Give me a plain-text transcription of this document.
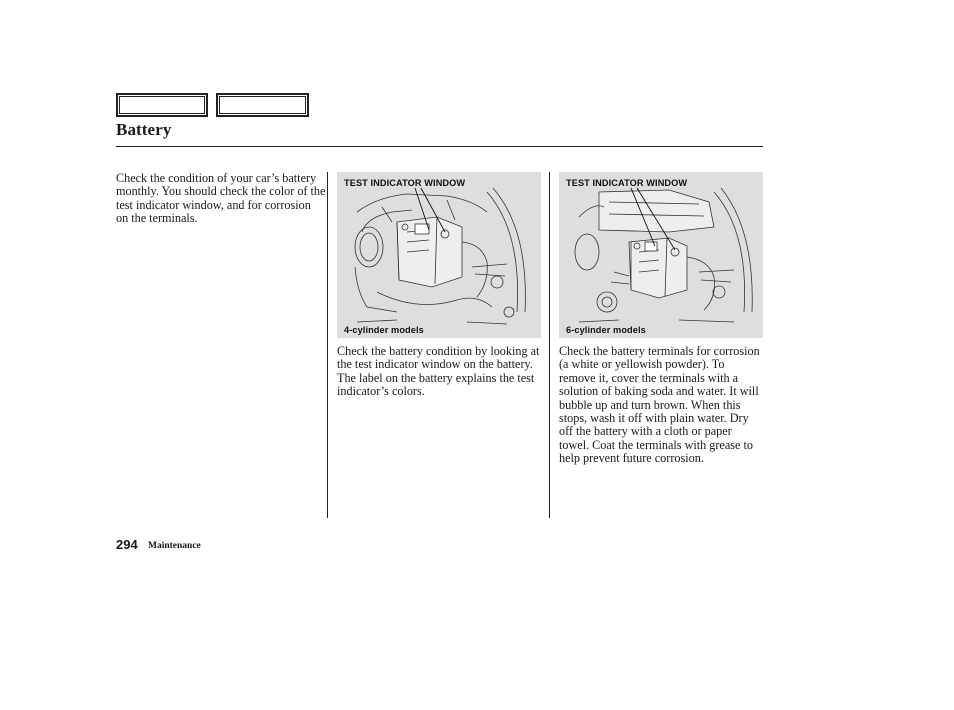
Battery
Check the condition of your car’s battery monthly. You should check the color of the test indicator window, and for corrosion on the terminals.
TEST INDICATOR WINDOW
4-cylinder models
TEST INDICATOR WINDOW
6-cylinder models
Check the battery condition by looking at the test indicator window on the battery. The label on the battery explains the test indicator’s colors.
Check the battery terminals for corrosion (a white or yellowish powder). To remove it, cover the terminals with a solution of baking soda and water. It will bubble up and turn brown. When this stops, wash it off with plain water. Dry off the battery with a cloth or paper towel. Coat the terminals with grease to help prevent future corrosion.
294 Maintenance
